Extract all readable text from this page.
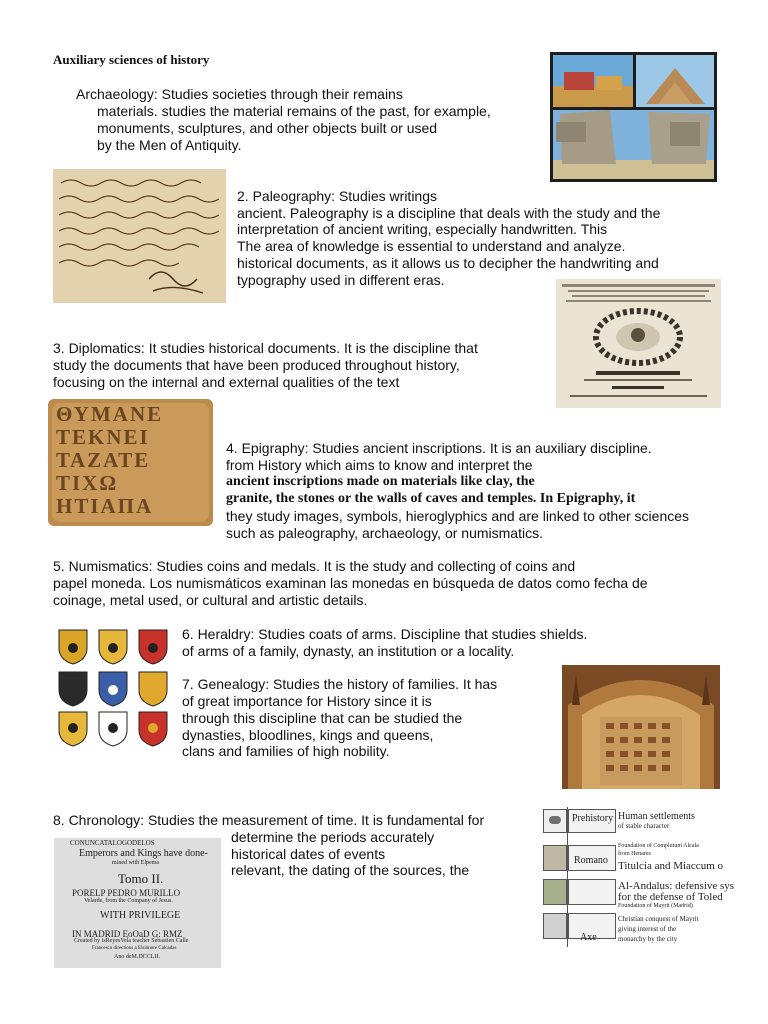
Auxiliary sciences of history
Archaeology: Studies societies through their remains
materials. studies the material remains of the past, for example,
monuments, sculptures, and other objects built or used
by the Men of Antiquity.
2. Paleography: Studies writings
ancient. Paleography is a discipline that deals with the study and the
interpretation of ancient writing, especially handwritten. This
The area of knowledge is essential to understand and analyze.
historical documents, as it allows us to decipher the handwriting and
typography used in different eras.
3. Diplomatics: It studies historical documents. It is the discipline that
study the documents that have been produced throughout history,
focusing on the internal and external qualities of the text
ΘΥΜΑΝΕ
ΤΕΚΝΕΙ
ΤΑΖΑΤΕ
ΤΙΧΩ
ΗΤΙΑΠΑ
4. Epigraphy: Studies ancient inscriptions. It is an auxiliary discipline.
from History which aims to know and interpret the
ancient inscriptions made on materials like clay, the
granite, the stones or the walls of caves and temples. In Epigraphy, it
they study images, symbols, hieroglyphics and are linked to other sciences
such as paleography, archaeology, or numismatics.
5. Numismatics: Studies coins and medals. It is the study and collecting of coins and
papel moneda. Los numismáticos examinan las monedas en búsqueda de datos como fecha de
coinage, metal used, or cultural and artistic details.
6. Heraldry: Studies coats of arms. Discipline that studies shields.
of arms of a family, dynasty, an institution or a locality.
7. Genealogy: Studies the history of families. It has
of great importance for History since it is
through this discipline that can be studied the
dynasties, bloodlines, kings and queens,
clans and families of high nobility.
8. Chronology: Studies the measurement of time. It is fundamental for
determine the periods accurately
historical dates of events
relevant, the dating of the sources, the
CONUNCATALOGODELOS
Emperors and Kings have done-
mined with Elpema
Tomo II.
PORELP PEDRO MURILLO
Velarde, from the Company of Jesus.
WITH PRIVILEGE
IN MADRID EoOaD G: RMZ
Created by isReyesVela teacher Sebastien Calle
Francesco directions a Elsinnore Calcadas
Ano deM.DCCLII.
Prehistory Human settlements
of stable character
Romano
Foundation of Complutum Alcala
from Henares
Titulcia and Miaccum o
Al-Andalus: defensive sys
for the defense of Toled
Foundation of Mayrit (Madrid)
Axe
Christian conquest of Mayrit
giving interest of the
monarchy by the city
